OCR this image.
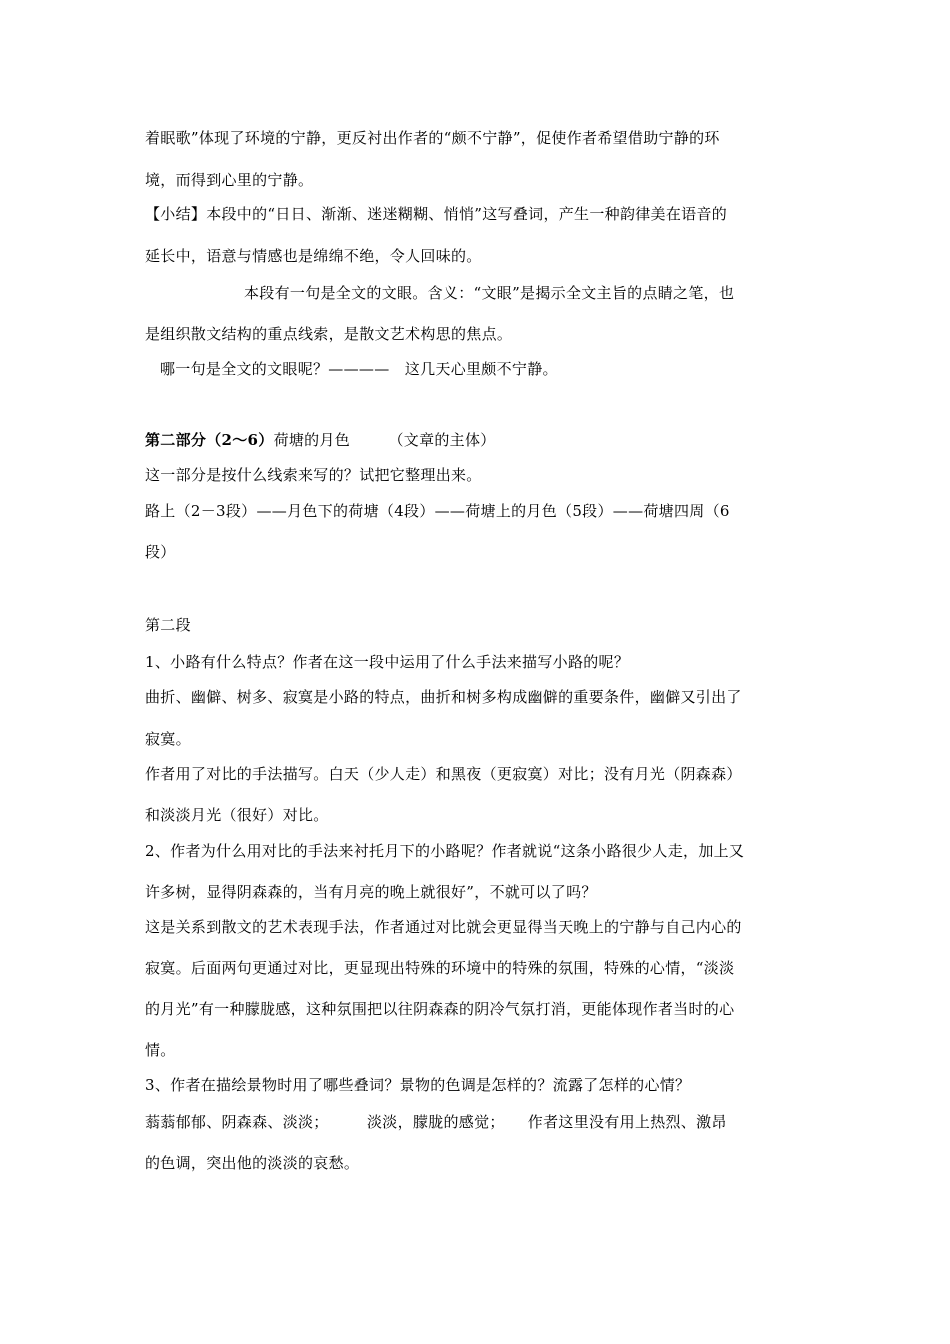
着眠歌”体现了环境的宁静，更反衬出作者的“颇不宁静”，促使作者希望借助宁静的环
境，而得到心里的宁静。
【小结】本段中的“日日、渐渐、迷迷糊糊、悄悄”这写叠词，产生一种韵律美在语音的
延长中，语意与情感也是绵绵不绝，令人回味的。
本段有一句是全文的文眼。含义：“文眼”是揭示全文主旨的点睛之笔，也
是组织散文结构的重点线索，是散文艺术构思的焦点。
哪一句是全文的文眼呢？————　这几天心里颇不宁静。
第二部分（2～6）荷塘的月色　　　（文章的主体）
这一部分是按什么线索来写的？试把它整理出来。
路上（2－3段）——月色下的荷塘（4段）——荷塘上的月色（5段）——荷塘四周（6
段）
第二段
1、小路有什么特点？作者在这一段中运用了什么手法来描写小路的呢？
曲折、幽僻、树多、寂寞是小路的特点，曲折和树多构成幽僻的重要条件，幽僻又引出了
寂寞。
作者用了对比的手法描写。白天（少人走）和黑夜（更寂寞）对比；没有月光（阴森森）
和淡淡月光（很好）对比。
2、作者为什么用对比的手法来衬托月下的小路呢？作者就说“这条小路很少人走，加上又
许多树，显得阴森森的，当有月亮的晚上就很好”，不就可以了吗？
这是关系到散文的艺术表现手法，作者通过对比就会更显得当天晚上的宁静与自己内心的
寂寞。后面两句更通过对比，更显现出特殊的环境中的特殊的氛围，特殊的心情，“淡淡
的月光”有一种朦胧感，这种氛围把以往阴森森的阴冷气氛打消，更能体现作者当时的心
情。
3、作者在描绘景物时用了哪些叠词？景物的色调是怎样的？流露了怎样的心情？
蓊蓊郁郁、阴森森、淡淡；　　　淡淡，朦胧的感觉；　　作者这里没有用上热烈、激昂
的色调，突出他的淡淡的哀愁。
